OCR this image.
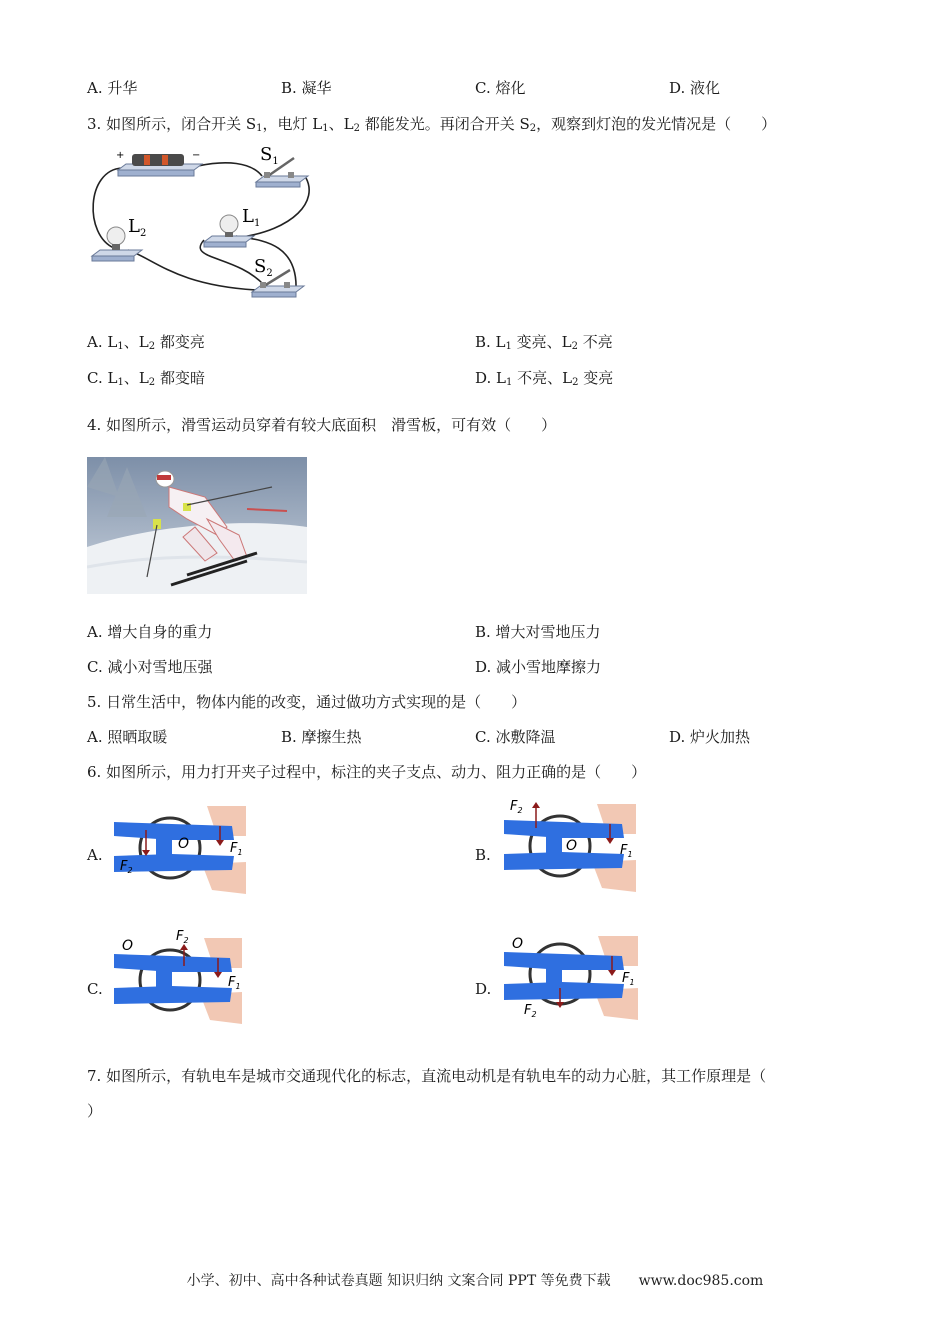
A. 升华	B. 凝华	C. 熔化	D. 液化
3. 如图所示，闭合开关 $S_1$，电灯 $L_1$、$L_2$ 都能发光。再闭合开关 $S_2$，观察到灯泡的发光情况是（　　）
+	−	$S_1$
$L_1$
$L_2$
$S_2$
A. $L_1$、$L_2$ 都变亮	B. $L_1$ 变亮、$L_2$ 不亮
C. $L_1$、$L_2$ 都变暗	D. $L_1$ 不亮、$L_2$ 变亮
4. 如图所示，滑雪运动员穿着有较大底面积　滑雪板，可有效（　　）
A. 增大自身的重力	B. 增大对雪地压力
C. 减小对雪地压强	D. 减小雪地摩擦力
5. 日常生活中，物体内能的改变，通过做功方式实现的是（　　）
A. 照晒取暖	B. 摩擦生热	C. 冰敷降温	D. 炉火加热
6. 如图所示，用力打开夹子过程中，标注的夹子支点、动力、阻力正确的是（　　）
A.	B.
C.	D.
O	$F_1$
$F_2$
O	$F_1$
$F_2$
O
$F_1$
$F_2$	O
$F_1$
$F_2$
7. 如图所示，有轨电车是城市交通现代化的标志，直流电动机是有轨电车的动力心脏，其工作原理是（
）
小学、初中、高中各种试卷真题 知识归纳 文案合同 PPT 等免费下载　　www.doc985.com
